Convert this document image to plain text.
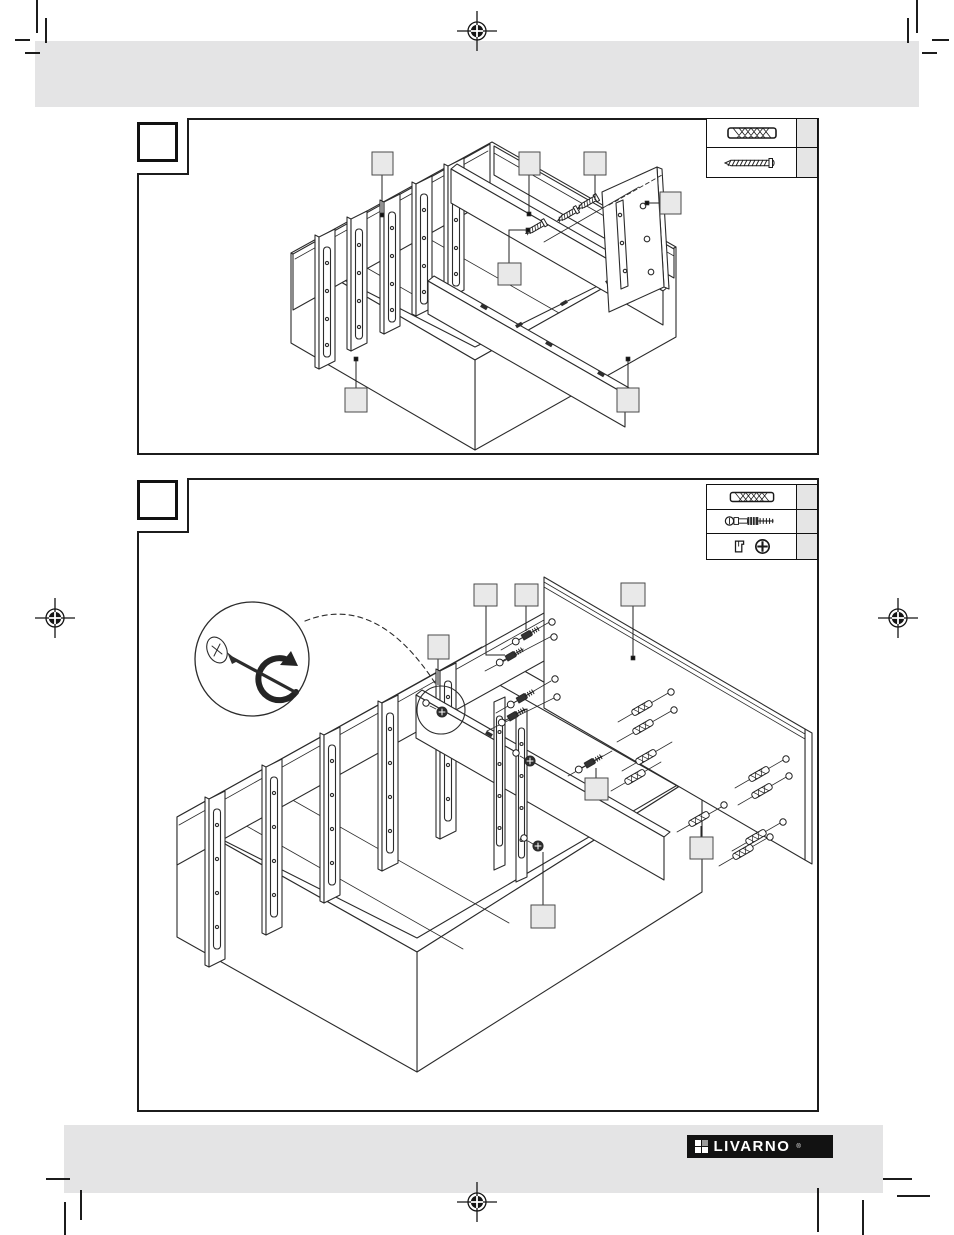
LIVARNO ®
